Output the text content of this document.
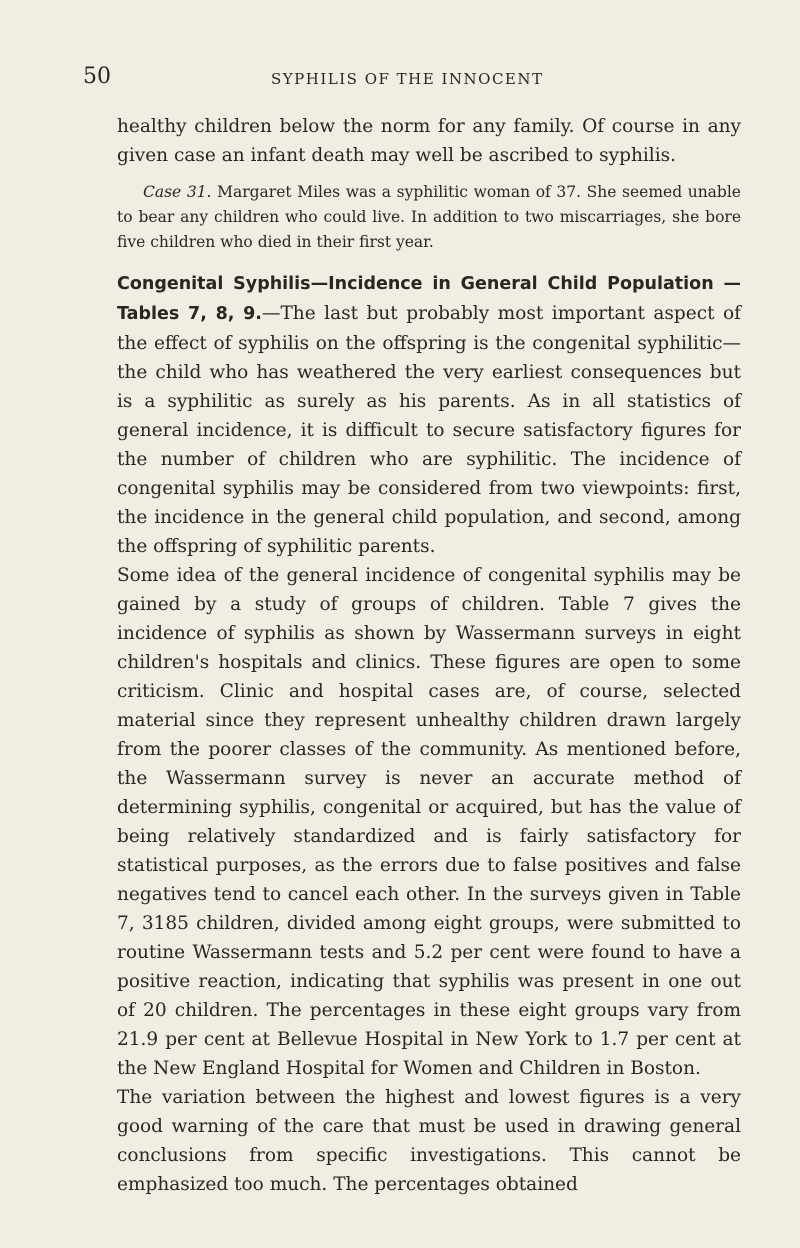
50	SYPHILIS OF THE INNOCENT

healthy children below the norm for any family. Of course in any given case an infant death may well be ascribed to syphilis.

Case 31. Margaret Miles was a syphilitic woman of 37. She seemed unable to bear any children who could live. In addition to two miscarriages, she bore five children who died in their first year.

Congenital Syphilis—Incidence in General Child Population —Tables 7, 8, 9.—The last but probably most important aspect of the effect of syphilis on the offspring is the congenital syphilitic—the child who has weathered the very earliest consequences but is a syphilitic as surely as his parents. As in all statistics of general incidence, it is difficult to secure satisfactory figures for the number of children who are syphilitic. The incidence of congenital syphilis may be considered from two viewpoints: first, the incidence in the general child population, and second, among the offspring of syphilitic parents.

Some idea of the general incidence of congenital syphilis may be gained by a study of groups of children. Table 7 gives the incidence of syphilis as shown by Wassermann surveys in eight children's hospitals and clinics. These figures are open to some criticism. Clinic and hospital cases are, of course, selected material since they represent unhealthy children drawn largely from the poorer classes of the community. As mentioned before, the Wassermann survey is never an accurate method of determining syphilis, congenital or acquired, but has the value of being relatively standardized and is fairly satisfactory for statistical purposes, as the errors due to false positives and false negatives tend to cancel each other. In the surveys given in Table 7, 3185 children, divided among eight groups, were submitted to routine Wassermann tests and 5.2 per cent were found to have a positive reaction, indicating that syphilis was present in one out of 20 children. The percentages in these eight groups vary from 21.9 per cent at Bellevue Hospital in New York to 1.7 per cent at the New England Hospital for Women and Children in Boston.

The variation between the highest and lowest figures is a very good warning of the care that must be used in drawing general conclusions from specific investigations. This cannot be emphasized too much. The percentages obtained
